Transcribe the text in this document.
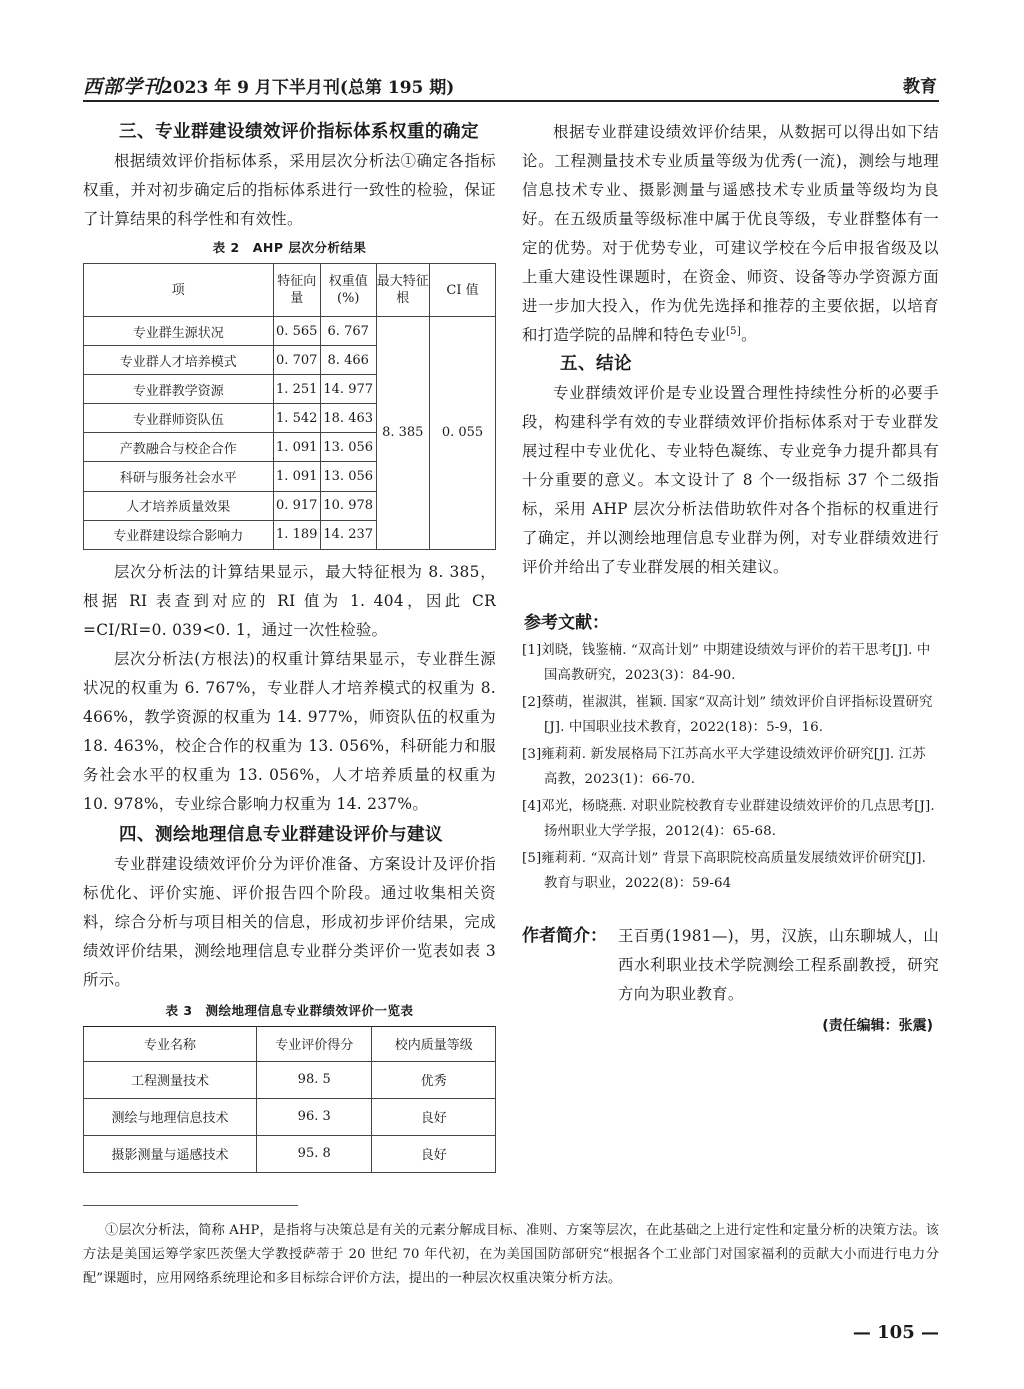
西部学刊
2023 年 9 月下半月刊(总第 195 期)	教育
三、专业群建设绩效评价指标体系权重的确定

根据绩效评价指标体系，采用层次分析法①确定各指标权重，并对初步确定后的指标体系进行一致性的检验，保证了计算结果的科学性和有效性。

表 2　AHP 层次分析结果
项	特征向量	权重值(%)	最大特征根	CI 值
专业群生源状况	0. 565	6. 767	8. 385	0. 055
专业群人才培养模式	0. 707	8. 466		
专业群教学资源	1. 251	14. 977		
专业群师资队伍	1. 542	18. 463		
产教融合与校企合作	1. 091	13. 056		
科研与服务社会水平	1. 091	13. 056		
人才培养质量效果	0. 917	10. 978		
专业群建设综合影响力	1. 189	14. 237		

层次分析法的计算结果显示，最大特征根为 8. 385，根据 RI 表查到对应的 RI 值为 1. 404，因此 CR =CI/RI=0. 039<0. 1，通过一次性检验。

层次分析法(方根法)的权重计算结果显示，专业群生源状况的权重为 6. 767%，专业群人才培养模式的权重为 8. 466%，教学资源的权重为 14. 977%，师资队伍的权重为 18. 463%，校企合作的权重为 13. 056%，科研能力和服务社会水平的权重为 13. 056%，人才培养质量的权重为 10. 978%，专业综合影响力权重为 14. 237%。

四、测绘地理信息专业群建设评价与建议

专业群建设绩效评价分为评价准备、方案设计及评价指标优化、评价实施、评价报告四个阶段。通过收集相关资料，综合分析与项目相关的信息，形成初步评价结果，完成绩效评价结果，测绘地理信息专业群分类评价一览表如表 3 所示。

表 3　测绘地理信息专业群绩效评价一览表
专业名称	专业评价得分	校内质量等级
工程测量技术	98. 5	优秀
测绘与地理信息技术	96. 3	良好
摄影测量与遥感技术	95. 8	良好

根据专业群建设绩效评价结果，从数据可以得出如下结论。工程测量技术专业质量等级为优秀(一流)，测绘与地理信息技术专业、摄影测量与遥感技术专业质量等级均为良好。在五级质量等级标准中属于优良等级，专业群整体有一定的优势。对于优势专业，可建议学校在今后申报省级及以上重大建设性课题时，在资金、师资、设备等办学资源方面进一步加大投入，作为优先选择和推荐的主要依据，以培育和打造学院的品牌和特色专业[5]。

五、结论

专业群绩效评价是专业设置合理性持续性分析的必要手段，构建科学有效的专业群绩效评价指标体系对于专业群发展过程中专业优化、专业特色凝练、专业竞争力提升都具有十分重要的意义。本文设计了 8 个一级指标 37 个二级指标，采用 AHP 层次分析法借助软件对各个指标的权重进行了确定，并以测绘地理信息专业群为例，对专业群绩效进行评价并给出了专业群发展的相关建议。

参考文献：
[1]刘晓，钱鉴楠. “双高计划” 中期建设绩效与评价的若干思考[J]. 中国高教研究，2023(3)：84-90.
[2]蔡萌，崔淑淇，崔颖. 国家“双高计划” 绩效评价自评指标设置研究[J]. 中国职业技术教育，2022(18)：5-9，16.
[3]雍莉莉. 新发展格局下江苏高水平大学建设绩效评价研究[J]. 江苏高教，2023(1)：66-70.
[4]邓光，杨晓燕. 对职业院校教育专业群建设绩效评价的几点思考[J]. 扬州职业大学学报，2012(4)：65-68.
[5]雍莉莉. “双高计划” 背景下高职院校高质量发展绩效评价研究[J]. 教育与职业，2022(8)：59-64
作者简介： 王百勇(1981—)，男，汉族，山东聊城人，山西水利职业技术学院测绘工程系副教授，研究方向为职业教育。
(责任编辑：张震)
①层次分析法，简称 AHP，是指将与决策总是有关的元素分解成目标、准则、方案等层次，在此基础之上进行定性和定量分析的决策方法。该方法是美国运筹学家匹茨堡大学教授萨蒂于 20 世纪 70 年代初，在为美国国防部研究“根据各个工业部门对国家福利的贡献大小而进行电力分配”课题时，应用网络系统理论和多目标综合评价方法，提出的一种层次权重决策分析方法。
— 105 —
